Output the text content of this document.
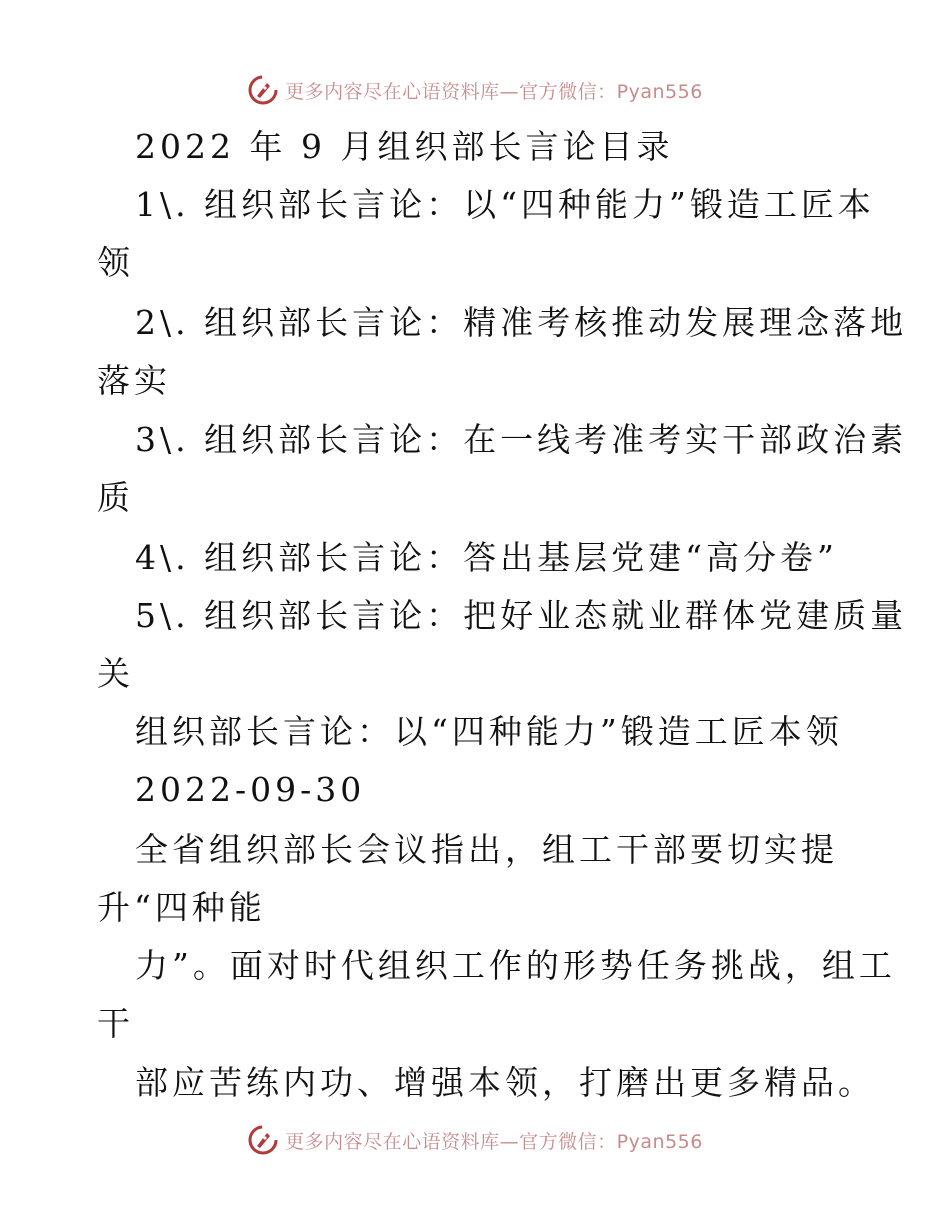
更多内容尽在心语资料库—官方微信：Pyan556
2022 年 9 月组织部长言论目录
1\. 组织部长言论：以“四种能力”锻造工匠本
领
2\. 组织部长言论：精准考核推动发展理念落地
落实
3\. 组织部长言论：在一线考准考实干部政治素
质
4\. 组织部长言论：答出基层党建“高分卷”
5\. 组织部长言论：把好业态就业群体党建质量
关
组织部长言论：以“四种能力”锻造工匠本领
2022-09-30
全省组织部长会议指出，组工干部要切实提
升“四种能
力”。面对时代组织工作的形势任务挑战，组工
干
部应苦练内功、增强本领，打磨出更多精品。
更多内容尽在心语资料库—官方微信：Pyan556
